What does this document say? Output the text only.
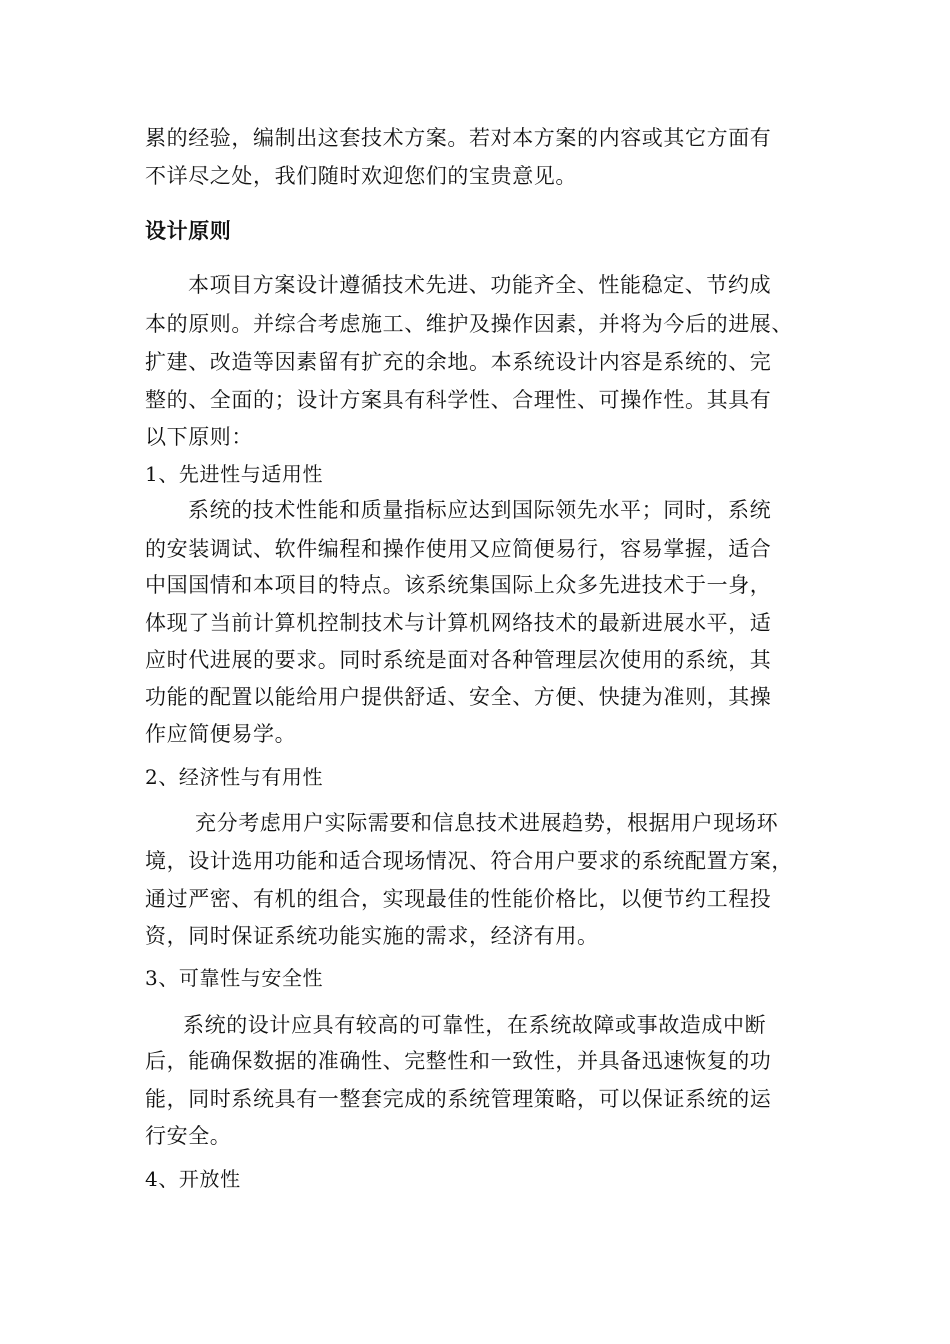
累的经验，编制出这套技术方案。若对本方案的内容或其它方面有
不详尽之处，我们随时欢迎您们的宝贵意见。
设计原则
本项目方案设计遵循技术先进、功能齐全、性能稳定、节约成
本的原则。并综合考虑施工、维护及操作因素，并将为今后的进展、
扩建、改造等因素留有扩充的余地。本系统设计内容是系统的、完
整的、全面的；设计方案具有科学性、合理性、可操作性。其具有
以下原则：
1、先进性与适用性
系统的技术性能和质量指标应达到国际领先水平；同时，系统
的安装调试、软件编程和操作使用又应简便易行，容易掌握，适合
中国国情和本项目的特点。该系统集国际上众多先进技术于一身，
体现了当前计算机控制技术与计算机网络技术的最新进展水平，适
应时代进展的要求。同时系统是面对各种管理层次使用的系统，其
功能的配置以能给用户提供舒适、安全、方便、快捷为准则，其操
作应简便易学。
2、经济性与有用性
充分考虑用户实际需要和信息技术进展趋势，根据用户现场环
境，设计选用功能和适合现场情况、符合用户要求的系统配置方案，
通过严密、有机的组合，实现最佳的性能价格比，以便节约工程投
资，同时保证系统功能实施的需求，经济有用。
3、可靠性与安全性
系统的设计应具有较高的可靠性，在系统故障或事故造成中断
后，能确保数据的准确性、完整性和一致性，并具备迅速恢复的功
能，同时系统具有一整套完成的系统管理策略，可以保证系统的运
行安全。
4、开放性
